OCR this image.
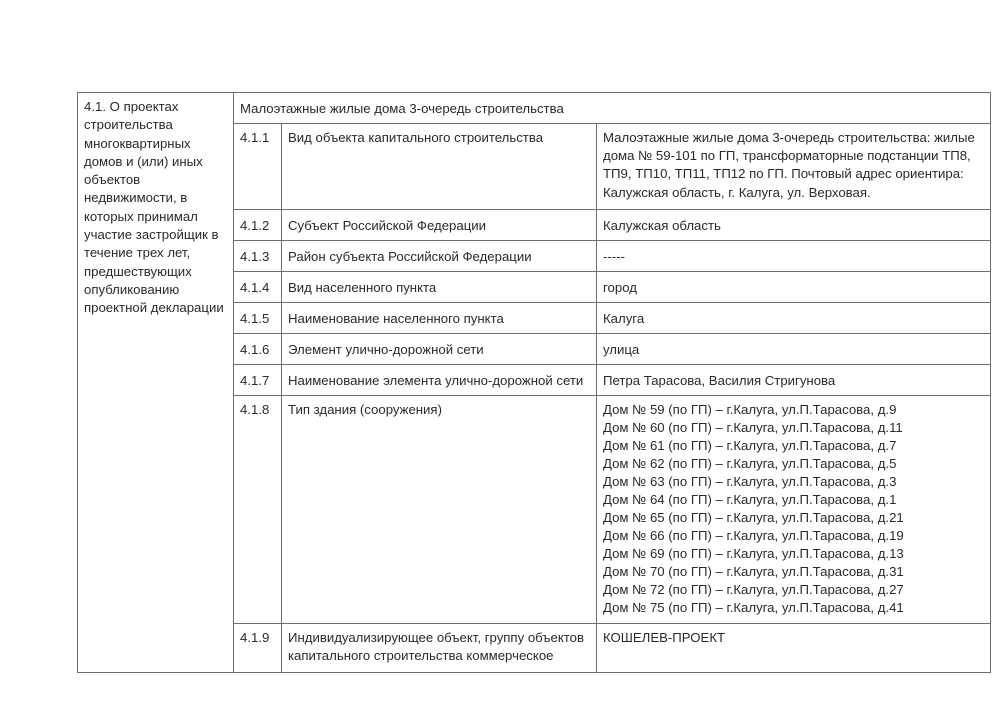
4.1. О проектах строительства многоквартирных домов и (или) иных объектов недвижимости, в которых принимал участие застройщик в течение трех лет, предшествующих опубликованию проектной декларации	Малоэтажные жилые дома 3-очередь строительства		
	4.1.1	Вид объекта капитального строительства	Малоэтажные жилые дома 3-очередь строительства: жилые дома № 59-101 по ГП, трансформаторные подстанции ТП8, ТП9, ТП10, ТП11, ТП12 по ГП. Почтовый адрес ориентира: Калужская область, г. Калуга, ул. Верховая.
	4.1.2	Субъект Российской Федерации	Калужская область
	4.1.3	Район субъекта Российской Федерации	-----
	4.1.4	Вид населенного пункта	город
	4.1.5	Наименование населенного пункта	Калуга
	4.1.6	Элемент улично-дорожной сети	улица
	4.1.7	Наименование элемента улично-дорожной сети	Петра Тарасова, Василия Стригунова
4.1.8	Тип здания (сооружения)	Дом № 59 (по ГП) – г.Калуга, ул.П.Тарасова, д.9
Дом № 60 (по ГП) – г.Калуга, ул.П.Тарасова, д.11
Дом № 61 (по ГП) – г.Калуга, ул.П.Тарасова, д.7
Дом № 62 (по ГП) – г.Калуга, ул.П.Тарасова, д.5
Дом № 63 (по ГП) – г.Калуга, ул.П.Тарасова, д.3
Дом № 64 (по ГП) – г.Калуга, ул.П.Тарасова, д.1
Дом № 65 (по ГП) – г.Калуга, ул.П.Тарасова, д.21
Дом № 66 (по ГП) – г.Калуга, ул.П.Тарасова, д.19
Дом № 69 (по ГП) – г.Калуга, ул.П.Тарасова, д.13
Дом № 70 (по ГП) – г.Калуга, ул.П.Тарасова, д.31
Дом № 72 (по ГП) – г.Калуга, ул.П.Тарасова, д.27
Дом № 75 (по ГП) – г.Калуга, ул.П.Тарасова, д.41

	4.1.9	Индивидуализирующее объект, группу объектов капитального строительства коммерческое	КОШЕЛЕВ-ПРОЕКТ
